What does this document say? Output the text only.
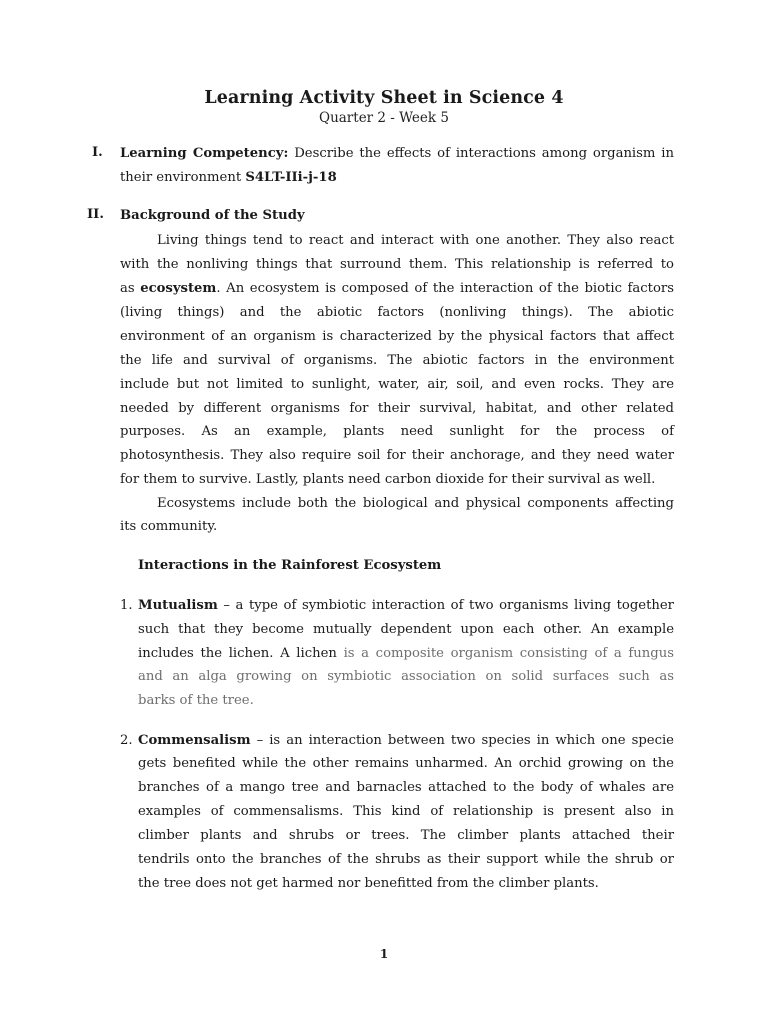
Learning Activity Sheet in Science 4
Quarter 2 - Week 5
I. Learning Competency: Describe the effects of interactions among organism in
their environment S4LT-IIi-j-18
II. Background of the Study
Living things tend to react and interact with one another. They also react
with the nonliving things that surround them. This relationship is referred to
as ecosystem. An ecosystem is composed of the interaction of the biotic factors
(living things) and the abiotic factors (nonliving things). The abiotic
environment of an organism is characterized by the physical factors that affect
the life and survival of organisms. The abiotic factors in the environment
include but not limited to sunlight, water, air, soil, and even rocks. They are
needed by different organisms for their survival, habitat, and other related
purposes. As an example, plants need sunlight for the process of
photosynthesis. They also require soil for their anchorage, and they need water
for them to survive. Lastly, plants need carbon dioxide for their survival as well.
Ecosystems include both the biological and physical components affecting
its community.
Interactions in the Rainforest Ecosystem
1. Mutualism – a type of symbiotic interaction of two organisms living together
such that they become mutually dependent upon each other. An example
includes the lichen. A lichen is a composite organism consisting of a fungus
and an alga growing on symbiotic association on solid surfaces such as
barks of the tree.
2. Commensalism – is an interaction between two species in which one specie
gets benefited while the other remains unharmed. An orchid growing on the
branches of a mango tree and barnacles attached to the body of whales are
examples of commensalisms. This kind of relationship is present also in
climber plants and shrubs or trees. The climber plants attached their
tendrils onto the branches of the shrubs as their support while the shrub or
the tree does not get harmed nor benefitted from the climber plants.
1
